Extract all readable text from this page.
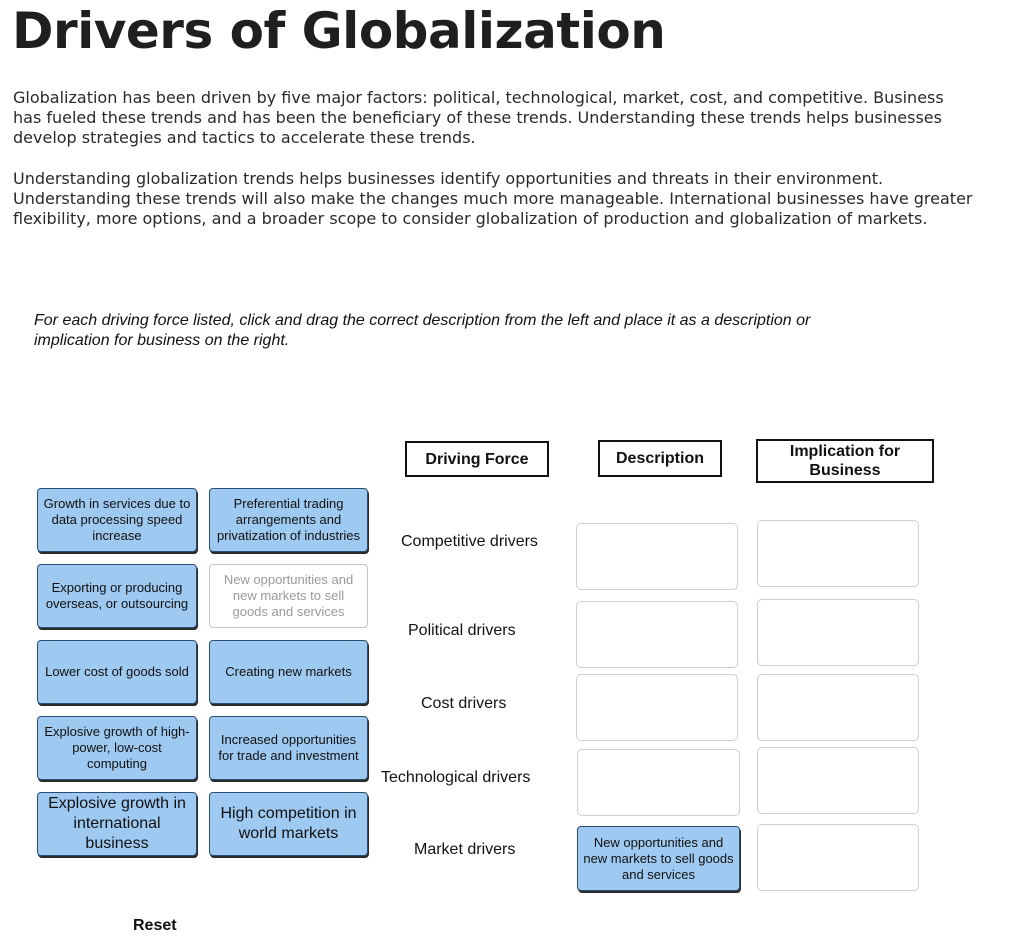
Drivers of Globalization

Globalization has been driven by five major factors: political, technological, market, cost, and competitive. Business has fueled these trends and has been the beneficiary of these trends. Understanding these trends helps businesses develop strategies and tactics to accelerate these trends.

Understanding globalization trends helps businesses identify opportunities and threats in their environment. Understanding these trends will also make the changes much more manageable. International businesses have greater flexibility, more options, and a broader scope to consider globalization of production and globalization of markets.

For each driving force listed, click and drag the correct description from the left and place it as a description or implication for business on the right.

Driving Force	Description	Implication for Business
Growth in services due to data processing speed increase
Preferential trading arrangements and privatization of industries
Exporting or producing overseas, or outsourcing
New opportunities and new markets to sell goods and services
Lower cost of goods sold	Creating new markets
Explosive growth of high-power, low-cost computing
Increased opportunities for trade and investment
Explosive growth in international business
High competition in world markets
Competitive drivers
Political drivers
Cost drivers
Technological drivers
Market drivers	New opportunities and new markets to sell goods and services
Reset
